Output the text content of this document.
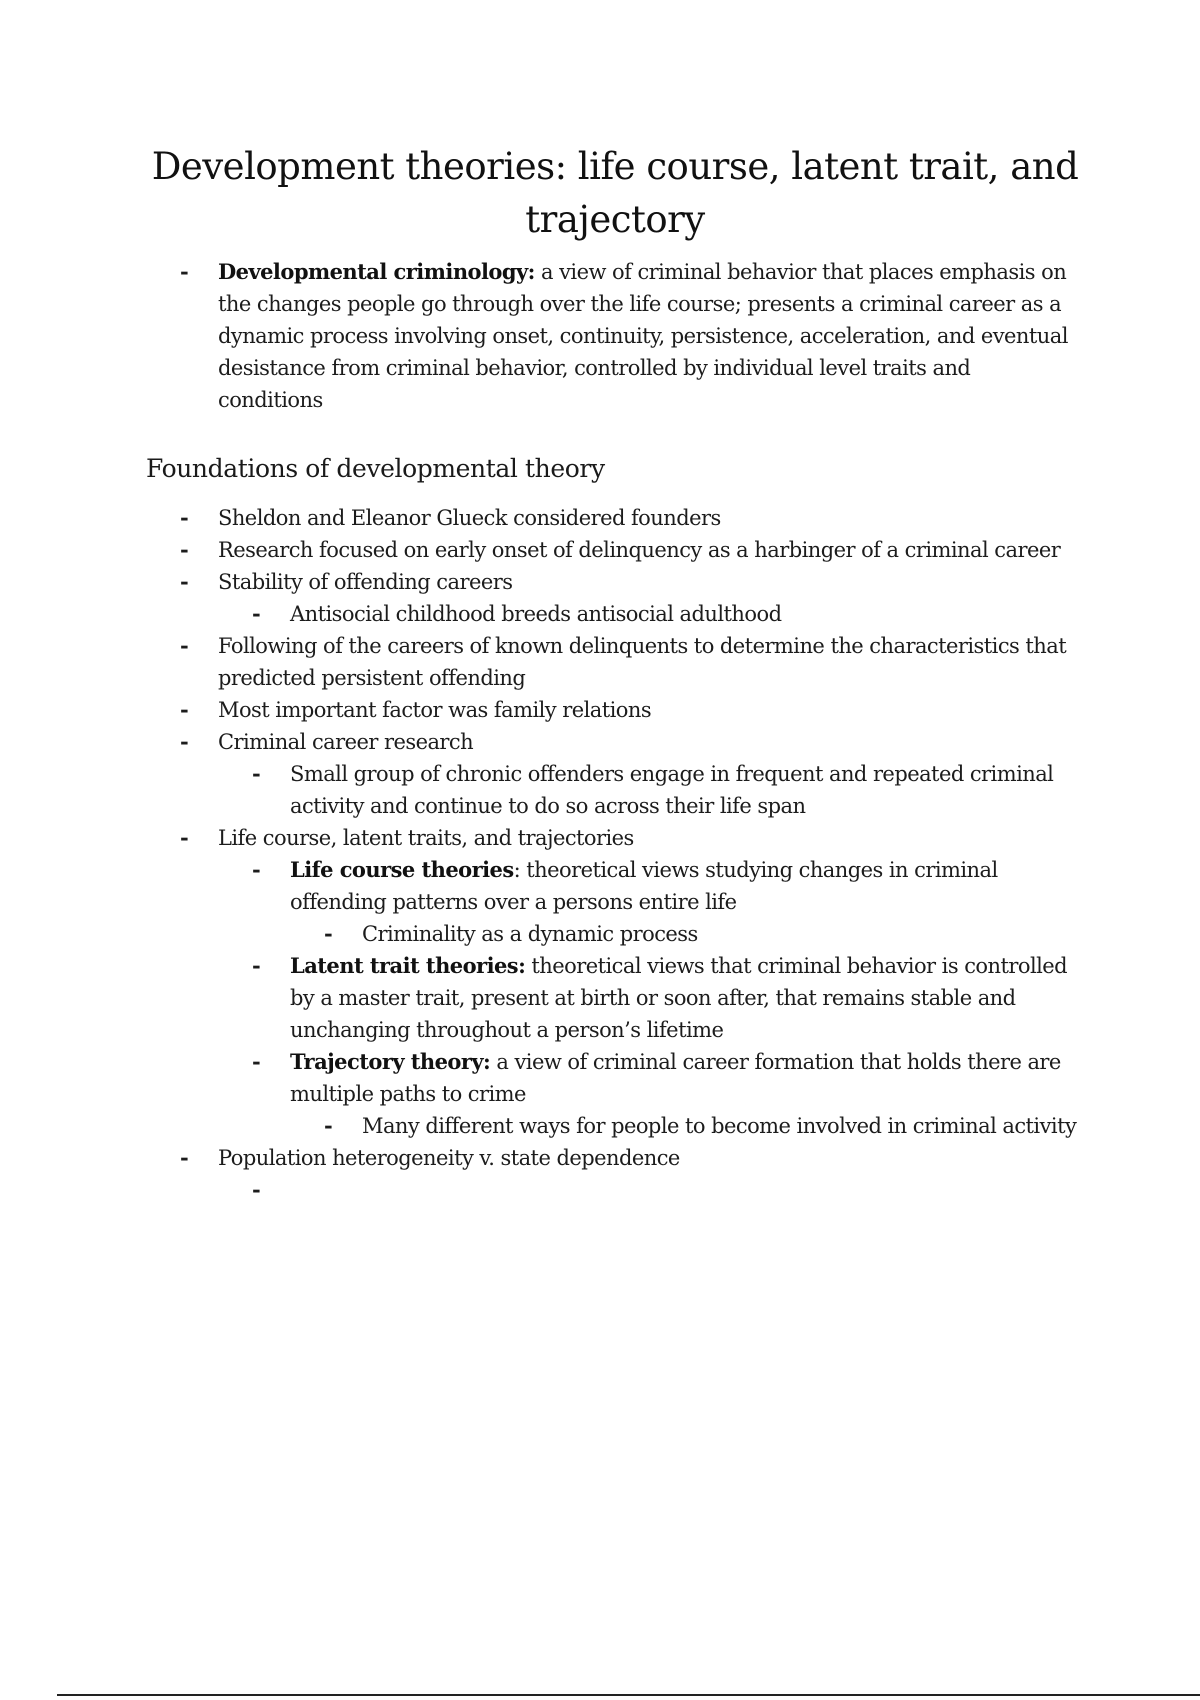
Development theories: life course, latent trait, and trajectory
- Developmental criminology: a view of criminal behavior that places emphasis on the changes people go through over the life course; presents a criminal career as a dynamic process involving onset, continuity, persistence, acceleration, and eventual desistance from criminal behavior, controlled by individual level traits and conditions
Foundations of developmental theory
- Sheldon and Eleanor Glueck considered founders
- Research focused on early onset of delinquency as a harbinger of a criminal career
- Stability of offending careers
- Antisocial childhood breeds antisocial adulthood
- Following of the careers of known delinquents to determine the characteristics that predicted persistent offending
- Most important factor was family relations
- Criminal career research
- Small group of chronic offenders engage in frequent and repeated criminal activity and continue to do so across their life span
- Life course, latent traits, and trajectories
- Life course theories: theoretical views studying changes in criminal offending patterns over a persons entire life
- Criminality as a dynamic process
- Latent trait theories: theoretical views that criminal behavior is controlled by a master trait, present at birth or soon after, that remains stable and unchanging throughout a person’s lifetime
- Trajectory theory: a view of criminal career formation that holds there are multiple paths to crime
- Many different ways for people to become involved in criminal activity
- Population heterogeneity v. state dependence
-
